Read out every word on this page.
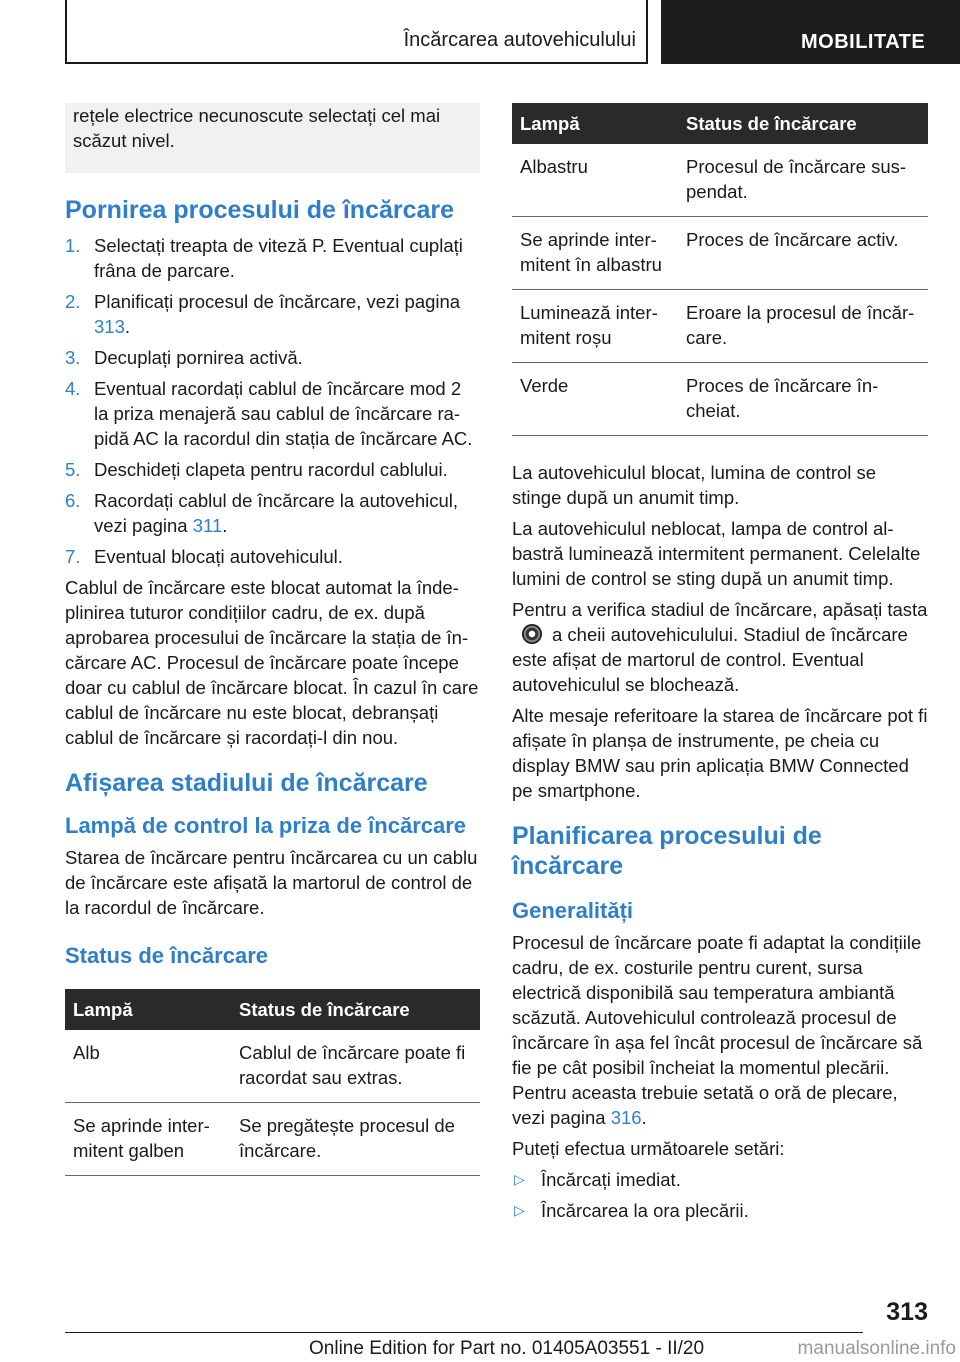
Încărcarea autovehiculului	MOBILITATE

rețele electrice necunoscute selectați cel mai

scăzut nivel.

Pornirea procesului de încărcare
1. Selectați treapta de viteză P. Eventual cuplați frâna de parcare.
2. Planificați procesul de încărcare, vezi pagina 313.
3. Decuplați pornirea activă.
4. Eventual racordați cablul de încărcare mod 2 la priza menajeră sau cablul de încărcare rapidă AC la racordul din stația de încărcare AC.
5. Deschideți clapeta pentru racordul cablului.
6. Racordați cablul de încărcare la autovehicul, vezi pagina 311.
7. Eventual blocați autovehiculul.

Cablul de încărcare este blocat automat la îndeplinirea tuturor condițiilor cadru, de ex. după aprobarea procesului de încărcare la stația de încărcare AC. Procesul de încărcare poate începe doar cu cablul de încărcare blocat. În cazul în care cablul de încărcare nu este blocat, debranșați cablul de încărcare și racordați-l din nou.

Afișarea stadiului de încărcare
Lampă de control la priza de încărcare

Starea de încărcare pentru încărcarea cu un cablu de încărcare este afișată la martorul de control de la racordul de încărcare.

Status de încărcare
Lampă	Status de încărcare
Alb	Cablul de încărcare poate fi racordat sau extras.
Se aprinde intermitent galben	Se pregătește procesul de încărcare.
Lampă	Status de încărcare
Albastru	Procesul de încărcare suspendat.
Se aprinde intermitent în albastru	Proces de încărcare activ.
Luminează intermitent roșu	Eroare la procesul de încărcare.
Verde	Proces de încărcare încheiat.

La autovehiculul blocat, lumina de control se stinge după un anumit timp.

La autovehiculul neblocat, lampa de control albastră luminează intermitent permanent. Celelalte lumini de control se sting după un anumit timp.

Pentru a verifica stadiul de încărcare, apăsați tastaa cheii autovehiculului. Stadiul de încărcare este afișat de martorul de control. Eventual autovehiculul se blochează.

Alte mesaje referitoare la starea de încărcare pot fi afișate în planșa de instrumente, pe cheia cu display BMW sau prin aplicația BMW Connected pe smartphone.

Planificarea procesului de încărcare
Generalități

Procesul de încărcare poate fi adaptat la condițiile cadru, de ex. costurile pentru curent, sursa electrică disponibilă sau temperatura ambiantă scăzută. Autovehiculul controlează procesul de încărcare în așa fel încât procesul de încărcare să fie pe cât posibil încheiat la momentul plecării. Pentru aceasta trebuie setată o oră de plecare, vezi pagina 316.

Puteți efectua următoarele setări:

▷ Încărcați imediat.
▷ Încărcarea la ora plecării.
313
Online Edition for Part no. 01405A03551 - II/20	manualsonline.info
